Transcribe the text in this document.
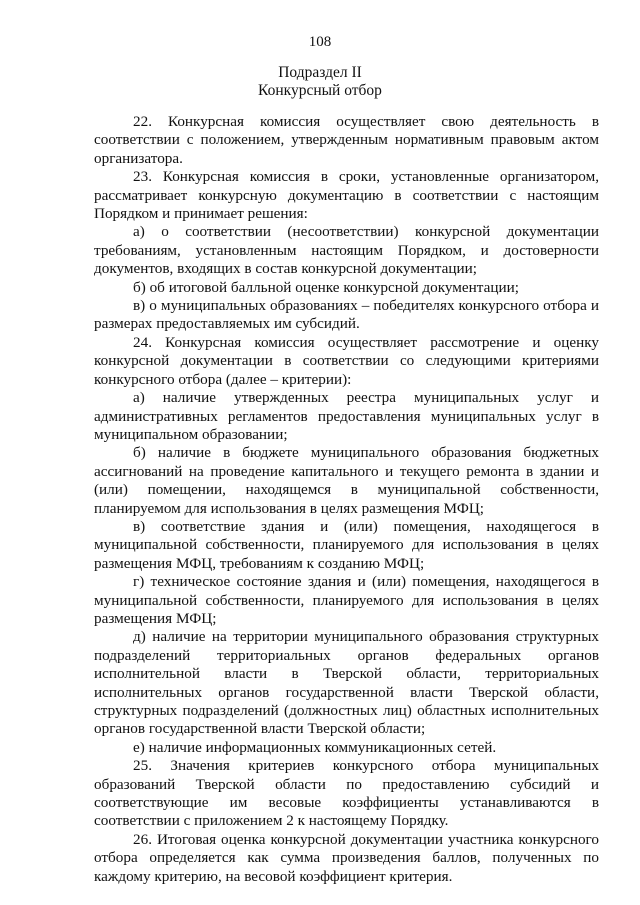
108
Подраздел II
Конкурсный отбор

22. Конкурсная комиссия осуществляет свою деятельность в соответствии с положением, утвержденным нормативным правовым актом организатора.

23. Конкурсная комиссия в сроки, установленные организатором, рассматривает конкурсную документацию в соответствии с настоящим Порядком и принимает решения:

а) о соответствии (несоответствии) конкурсной документации требованиям, установленным настоящим Порядком, и достоверности документов, входящих в состав конкурсной документации;

б) об итоговой балльной оценке конкурсной документации;

в) о муниципальных образованиях – победителях конкурсного отбора и размерах предоставляемых им субсидий.

24. Конкурсная комиссия осуществляет рассмотрение и оценку конкурсной документации в соответствии со следующими критериями конкурсного отбора (далее – критерии):

а) наличие утвержденных реестра муниципальных услуг и административных регламентов предоставления муниципальных услуг в муниципальном образовании;

б) наличие в бюджете муниципального образования бюджетных ассигнований на проведение капитального и текущего ремонта в здании и (или) помещении, находящемся в муниципальной собственности, планируемом для использования в целях размещения МФЦ;

в) соответствие здания и (или) помещения, находящегося в муниципальной собственности, планируемого для использования в целях размещения МФЦ, требованиям к созданию МФЦ;

г) техническое состояние здания и (или) помещения, находящегося в муниципальной собственности, планируемого для использования в целях размещения МФЦ;

д) наличие на территории муниципального образования структурных подразделений территориальных органов федеральных органов исполнительной власти в Тверской области, территориальных исполнительных органов государственной власти Тверской области, структурных подразделений (должностных лиц) областных исполнительных органов государственной власти Тверской области;

е) наличие информационных коммуникационных сетей.

25. Значения критериев конкурсного отбора муниципальных образований Тверской области по предоставлению субсидий и соответствующие им весовые коэффициенты устанавливаются в соответствии с приложением 2 к настоящему Порядку.

26. Итоговая оценка конкурсной документации участника конкурсного отбора определяется как сумма произведения баллов, полученных по каждому критерию, на весовой коэффициент критерия.
